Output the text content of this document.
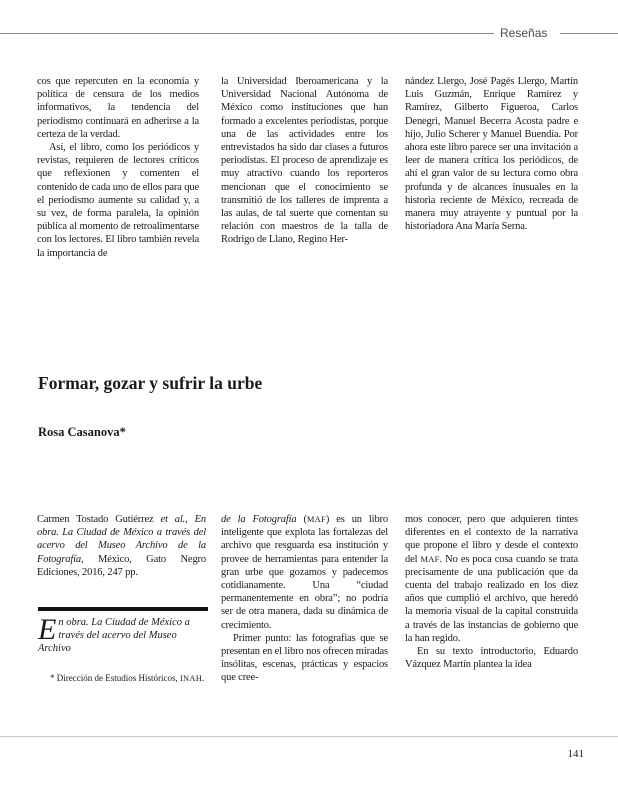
Reseñas

cos que repercuten en la economía y política de censura de los medios informativos, la tendencia del periodismo continuará en adherirse a la certeza de la verdad.

Así, el libro, como los periódicos y revistas, requieren de lectores críticos que reflexionen y comenten el contenido de cada uno de ellos para que el periodismo aumente su calidad y, a su vez, de forma paralela, la opinión pública al momento de retroalimentarse con los lectores. El libro también revela la importancia de

la Universidad Iberoamericana y la Universidad Nacional Autónoma de México como instituciones que han formado a excelentes periodistas, porque una de las actividades entre los entrevistados ha sido dar clases a futuros periodistas. El proceso de aprendizaje es muy atractivo cuando los reporteros mencionan que el conocimiento se transmitió de los talleres de imprenta a las aulas, de tal suerte que comentan su relación con maestros de la talla de Rodrigo de Llano, Regino Her-

nández Llergo, José Pagés Llergo, Martín Luis Guzmán, Enrique Ramírez y Ramírez, Gilberto Figueroa, Carlos Denegri, Manuel Becerra Acosta padre e hijo, Julio Scherer y Manuel Buendía. Por ahora este libro parece ser una invitación a leer de manera crítica los periódicos, de ahí el gran valor de su lectura como obra profunda y de alcances inusuales en la historia reciente de México, recreada de manera muy atrayente y puntual por la historiadora Ana María Serna.

Formar, gozar y sufrir la urbe
Rosa Casanova*

Carmen Tostado Gutiérrez et al., En obra. La Ciudad de México a través del acervo del Museo Archivo de la Fotografía, México, Gato Negro Ediciones, 2016, 247 pp.

En obra. La Ciudad de México a través del acervo del Museo Archivo

* Dirección de Estudios Históricos, INAH.

de la Fotografía (MAF) es un libro inteligente que explota las fortalezas del archivo que resguarda esa institución y provee de herramientas para entender la gran urbe que gozamos y padecemos cotidianamente. Una “ciudad permanentemente en obra”; no podría ser de otra manera, dada su dinámica de crecimiento.

Primer punto: las fotografías que se presentan en el libro nos ofrecen miradas insólitas, escenas, prácticas y espacios que cree-

mos conocer, pero que adquieren tintes diferentes en el contexto de la narrativa que propone el libro y desde el contexto del MAF. No es poca cosa cuando se trata precisamente de una publicación que da cuenta del trabajo realizado en los diez años que cumplió el archivo, que heredó la memoria visual de la capital construida a través de las instancias de gobierno que la han regido.

En su texto introductorio, Eduardo Vázquez Martín plantea la idea

141
